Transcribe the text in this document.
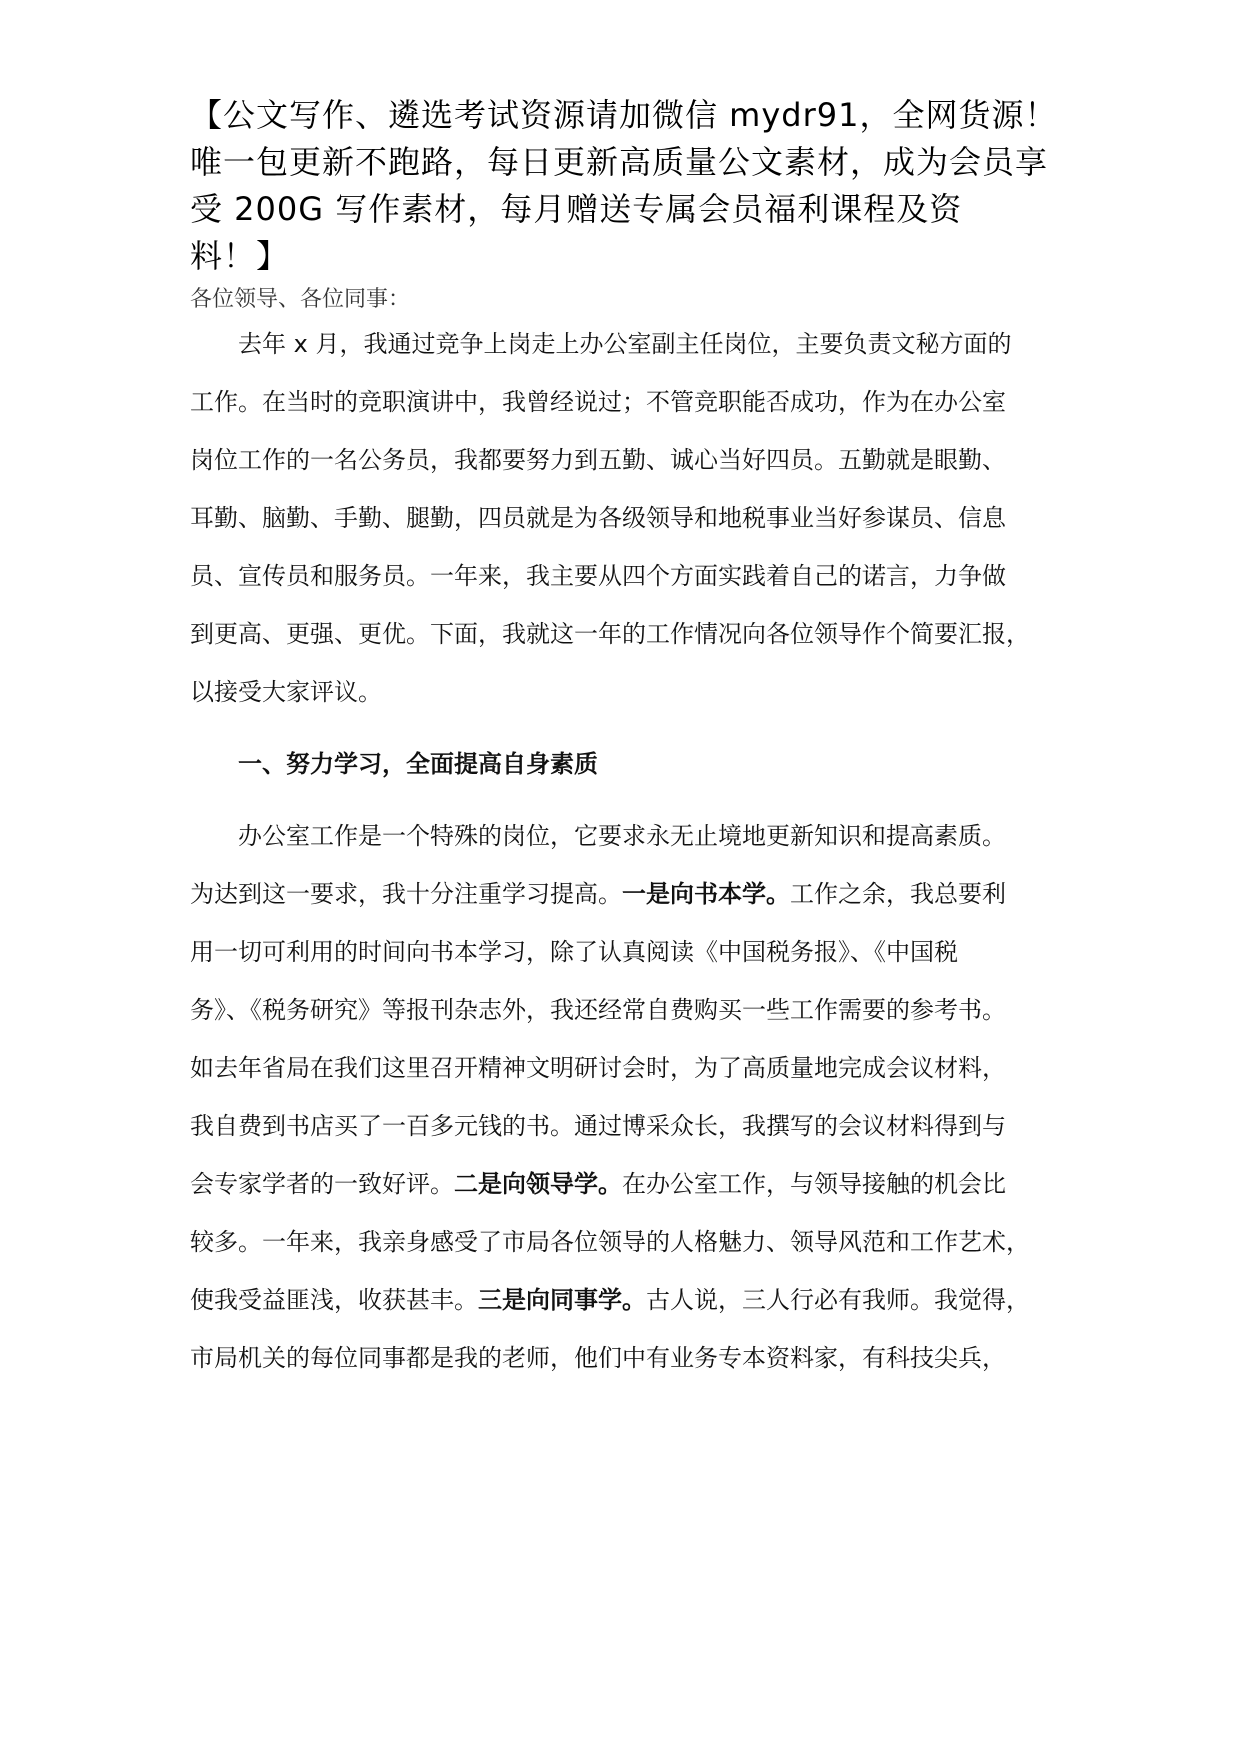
【公文写作、遴选考试资源请加微信 mydr91，全网货源！
唯一包更新不跑路，每日更新高质量公文素材，成为会员享
受 200G 写作素材，每月赠送专属会员福利课程及资
料！】
各位领导、各位同事：
去年 x 月，我通过竞争上岗走上办公室副主任岗位，主要负责文秘方面的
工作。在当时的竞职演讲中，我曾经说过；不管竞职能否成功，作为在办公室
岗位工作的一名公务员，我都要努力到五勤、诚心当好四员。五勤就是眼勤、
耳勤、脑勤、手勤、腿勤，四员就是为各级领导和地税事业当好参谋员、信息
员、宣传员和服务员。一年来，我主要从四个方面实践着自己的诺言，力争做
到更高、更强、更优。下面，我就这一年的工作情况向各位领导作个简要汇报，
以接受大家评议。
一、努力学习，全面提高自身素质
办公室工作是一个特殊的岗位，它要求永无止境地更新知识和提高素质。
为达到这一要求，我十分注重学习提高。一是向书本学。工作之余，我总要利
用一切可利用的时间向书本学习，除了认真阅读《中国税务报》、《中国税
务》、《税务研究》等报刊杂志外，我还经常自费购买一些工作需要的参考书。
如去年省局在我们这里召开精神文明研讨会时，为了高质量地完成会议材料，
我自费到书店买了一百多元钱的书。通过博采众长，我撰写的会议材料得到与
会专家学者的一致好评。二是向领导学。在办公室工作，与领导接触的机会比
较多。一年来，我亲身感受了市局各位领导的人格魅力、领导风范和工作艺术，
使我受益匪浅，收获甚丰。三是向同事学。古人说，三人行必有我师。我觉得，
市局机关的每位同事都是我的老师，他们中有业务专本资料家，有科技尖兵，
